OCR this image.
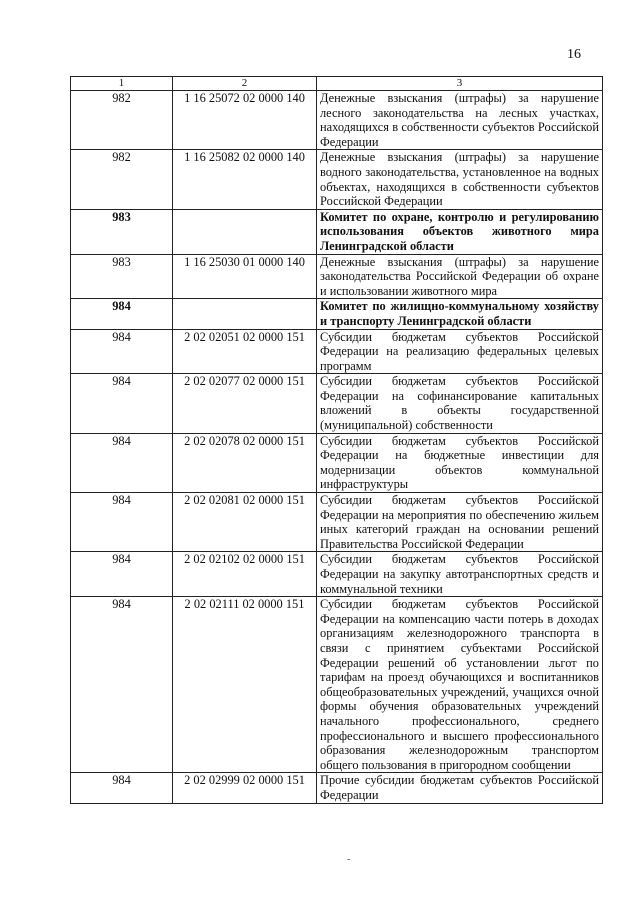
16
1	2	3
982	1 16 25072 02 0000 140	Денежные взыскания (штрафы) за нарушение лесного законодательства на лесных участках, находящихся в собственности субъектов Российской Федерации
982	1 16 25082 02 0000 140	Денежные взыскания (штрафы) за нарушение водного законодательства, установленное на водных объектах, находящихся в собственности субъектов Российской Федерации
983		Комитет по охране, контролю и регулированию использования объектов животного мира Ленинградской области
983	1 16 25030 01 0000 140	Денежные взыскания (штрафы) за нарушение законодательства Российской Федерации об охране и использовании животного мира
984		Комитет по жилищно-коммунальному хозяйству и транспорту Ленинградской области
984	2 02 02051 02 0000 151	Субсидии бюджетам субъектов Российской Федерации на реализацию федеральных целевых программ
984	2 02 02077 02 0000 151	Субсидии бюджетам субъектов Российской Федерации на софинансирование капитальных вложений в объекты государственной (муниципальной) собственности
984	2 02 02078 02 0000 151	Субсидии бюджетам субъектов Российской Федерации на бюджетные инвестиции для модернизации объектов коммунальной инфраструктуры
984	2 02 02081 02 0000 151	Субсидии бюджетам субъектов Российской Федерации на мероприятия по обеспечению жильем иных категорий граждан на основании решений Правительства Российской Федерации
984	2 02 02102 02 0000 151	Субсидии бюджетам субъектов Российской Федерации на закупку автотранспортных средств и коммунальной техники
984	2 02 02111 02 0000 151	Субсидии бюджетам субъектов Российской Федерации на компенсацию части потерь в доходах организациям железнодорожного транспорта в связи с принятием субъектами Российской Федерации решений об установлении льгот по тарифам на проезд обучающихся и воспитанников общеобразовательных учреждений, учащихся очной формы обучения образовательных учреждений начального профессионального, среднего профессионального и высшего профессионального образования железнодорожным транспортом общего пользования в пригородном сообщении
984	2 02 02999 02 0000 151	Прочие субсидии бюджетам субъектов Российской Федерации
-
